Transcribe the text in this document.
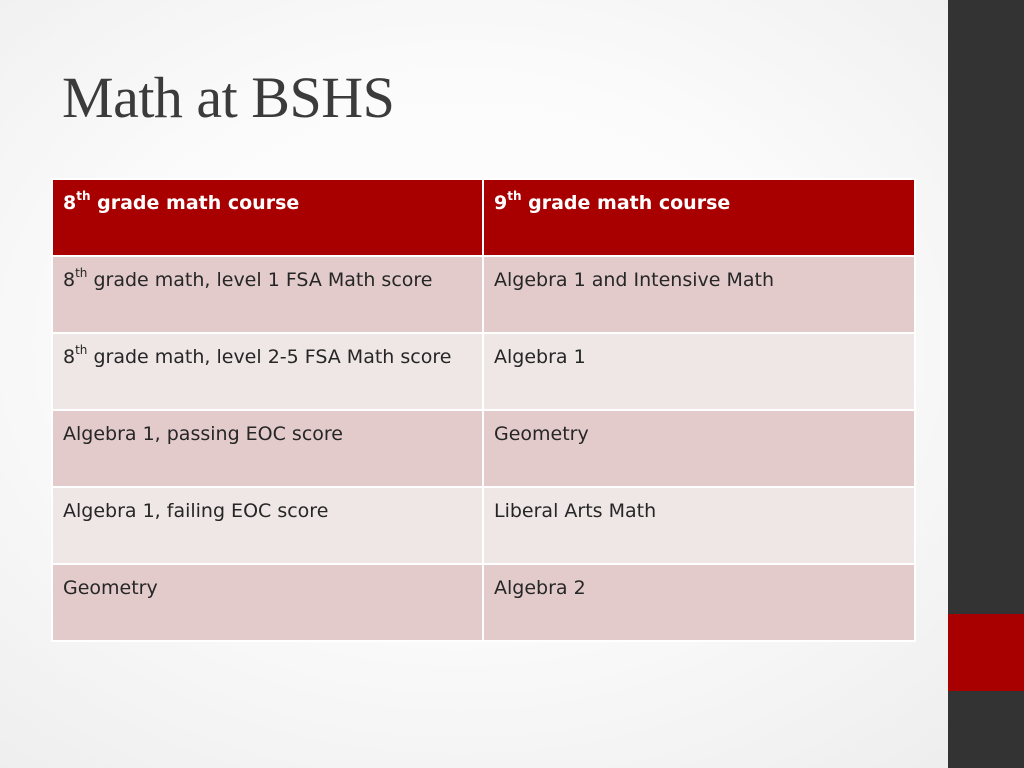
Math at BSHS
8th grade math course	9th grade math course
8th grade math, level 1 FSA Math score	Algebra 1 and Intensive Math
8th grade math, level 2-5 FSA Math score	Algebra 1
Algebra 1, passing EOC score	Geometry
Algebra 1, failing EOC score	Liberal Arts Math
Geometry	Algebra 2
